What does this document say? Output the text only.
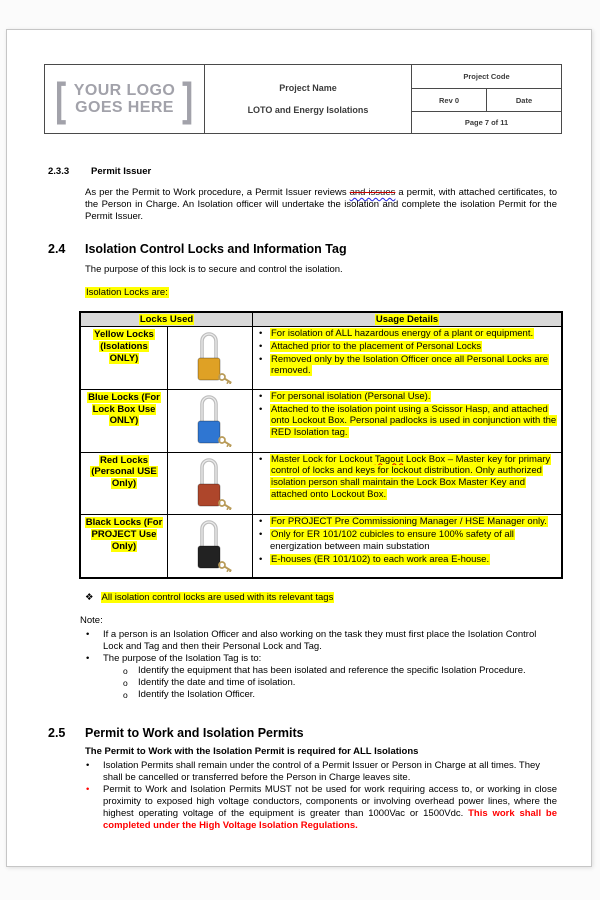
[ YOUR LOGO
GOES HERE ]	Project Name
LOTO and Energy Isolations
	Project Code
		Rev 0	Date
		Page 7 of 11	
2.3.3	Permit Issuer
As per the Permit to Work procedure, a Permit Issuer reviews and issues a permit, with attached certificates, to the Person in Charge. An Isolation officer will undertake the isolation and complete the isolation Permit for the Permit Issuer.
2.4	Isolation Control Locks and Information Tag
The purpose of this lock is to secure and control the isolation.
Isolation Locks are:
Locks Used		Usage Details
Yellow Locks (Isolations ONLY)		
• For isolation of ALL hazardous energy of a plant or equipment.
• Attached prior to the placement of Personal Locks
• Removed only by the Isolation Officer once all Personal Locks are removed.

Blue Locks (For Lock Box Use ONLY)		
• For personal isolation (Personal Use).
• Attached to the isolation point using a Scissor Hasp, and attached onto Lockout Box. Personal padlocks is used in conjunction with the RED Isolation tag.

Red Locks (Personal USE Only)		
• Master Lock for Lockout Tagout Lock Box – Master key for primary control of locks and keys for lockout distribution. Only authorized isolation person shall maintain the Lock Box Master Key and attached onto Lockout Box.

Black Locks (For PROJECT Use Only)		
• For PROJECT Pre Commissioning Manager / HSE Manager only.
• Only for ER 101/102 cubicles to ensure 100% safety of all
energization between main substation
• E-houses (ER 101/102) to each work area E-house.
❖ All isolation control locks are used with its relevant tags
Note:
• If a person is an Isolation Officer and also working on the task they must first place the Isolation Control Lock and Tag and then their Personal Lock and Tag.
• The purpose of the Isolation Tag is to:
o Identify the equipment that has been isolated and reference the specific Isolation Procedure.
o Identify the date and time of isolation.
o Identify the Isolation Officer.
2.5	Permit to Work and Isolation Permits
The Permit to Work with the Isolation Permit is required for ALL Isolations
• Isolation Permits shall remain under the control of a Permit Issuer or Person in Charge at all times. They shall be cancelled or transferred before the Person in Charge leaves site.
• Permit to Work and Isolation Permits MUST not be used for work requiring access to, or working in close proximity to exposed high voltage conductors, components or involving overhead power lines, where the highest operating voltage of the equipment is greater than 1000Vac or 1500Vdc. This work shall be completed under the High Voltage Isolation Regulations.
